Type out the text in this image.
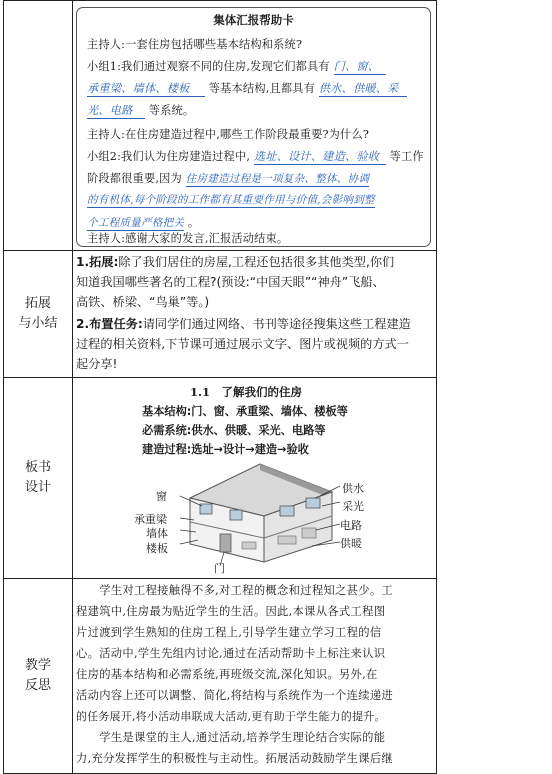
集体汇报帮助卡
主持人:一套住房包括哪些基本结构和系统?
小组1:我们通过观察不同的住房,发现它们都具有 门、窗、
承重梁、墙体、楼板 等基本结构,且都具有 供水、供暖、采
光、电路 等系统。
主持人:在住房建造过程中,哪些工作阶段最重要?为什么?
小组2:我们认为住房建造过程中, 选址、设计、建造、验收 等工作
阶段都很重要,因为 住房建造过程是一项复杂、整体、协调
的有机体,每个阶段的工作都有其重要作用与价值,会影响到整
个工程质量严格把关 。
主持人:感谢大家的发言,汇报活动结束。
拓展
与小结
1.拓展:除了我们居住的房屋,工程还包括很多其他类型,你们
知道我国哪些著名的工程?(预设:“中国天眼”“神舟”飞船、
高铁、桥梁、“鸟巢”等。)
2.布置任务:请同学们通过网络、书刊等途径搜集这些工程建造
过程的相关资料,下节课可通过展示文字、图片或视频的方式一
起分享!
板书
设计
1.1　了解我们的住房
基本结构:门、窗、承重梁、墙体、楼板等
必需系统:供水、供暖、采光、电路等
建造过程:选址→设计→建造→验收
窗
承重梁
墙体
楼板
门
供水
采光
电路
供暖
教学
反思
　　学生对工程接触得不多,对工程的概念和过程知之甚少。工
程建筑中,住房最为贴近学生的生活。因此,本课从各式工程图
片过渡到学生熟知的住房工程上,引导学生建立学习工程的信
心。活动中,学生先组内讨论,通过在活动帮助卡上标注来认识
住房的基本结构和必需系统,再班级交流,深化知识。另外,在
活动内容上还可以调整、简化,将结构与系统作为一个连续递进
的任务展开,将小活动串联成大活动,更有助于学生能力的提升。
　　学生是课堂的主人,通过活动,培养学生理论结合实际的能
力,充分发挥学生的积极性与主动性。拓展活动鼓励学生课后继
